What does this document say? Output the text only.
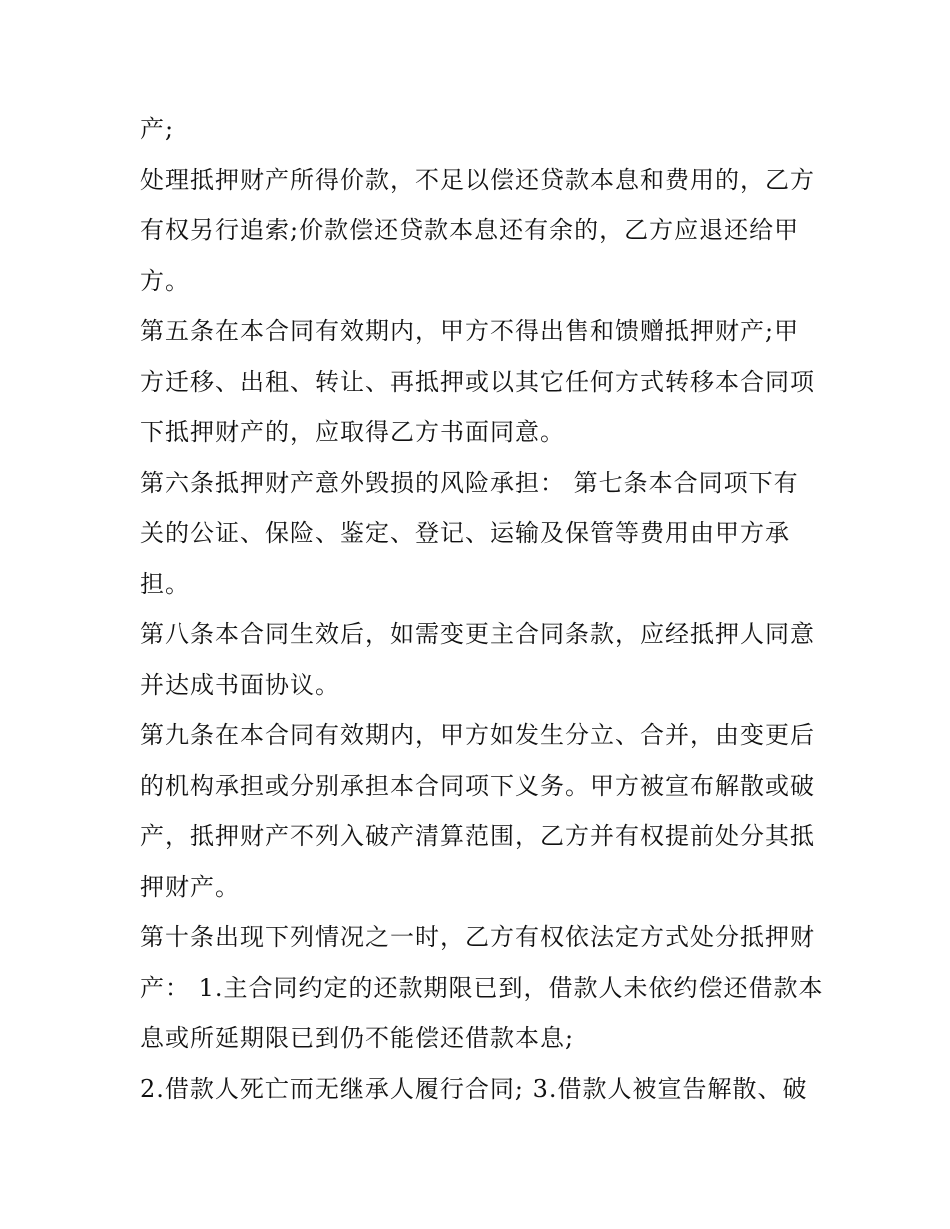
产;
处理抵押财产所得价款，不足以偿还贷款本息和费用的，乙方
有权另行追索;价款偿还贷款本息还有余的，乙方应退还给甲
方。
第五条在本合同有效期内，甲方不得出售和馈赠抵押财产;甲
方迁移、出租、转让、再抵押或以其它任何方式转移本合同项
下抵押财产的，应取得乙方书面同意。
第六条抵押财产意外毁损的风险承担： 第七条本合同项下有
关的公证、保险、鉴定、登记、运输及保管等费用由甲方承
担。
第八条本合同生效后，如需变更主合同条款，应经抵押人同意
并达成书面协议。
第九条在本合同有效期内，甲方如发生分立、合并，由变更后
的机构承担或分别承担本合同项下义务。甲方被宣布解散或破
产，抵押财产不列入破产清算范围，乙方并有权提前处分其抵
押财产。
第十条出现下列情况之一时，乙方有权依法定方式处分抵押财
产： 1.主合同约定的还款期限已到，借款人未依约偿还借款本
息或所延期限已到仍不能偿还借款本息;
2.借款人死亡而无继承人履行合同; 3.借款人被宣告解散、破
